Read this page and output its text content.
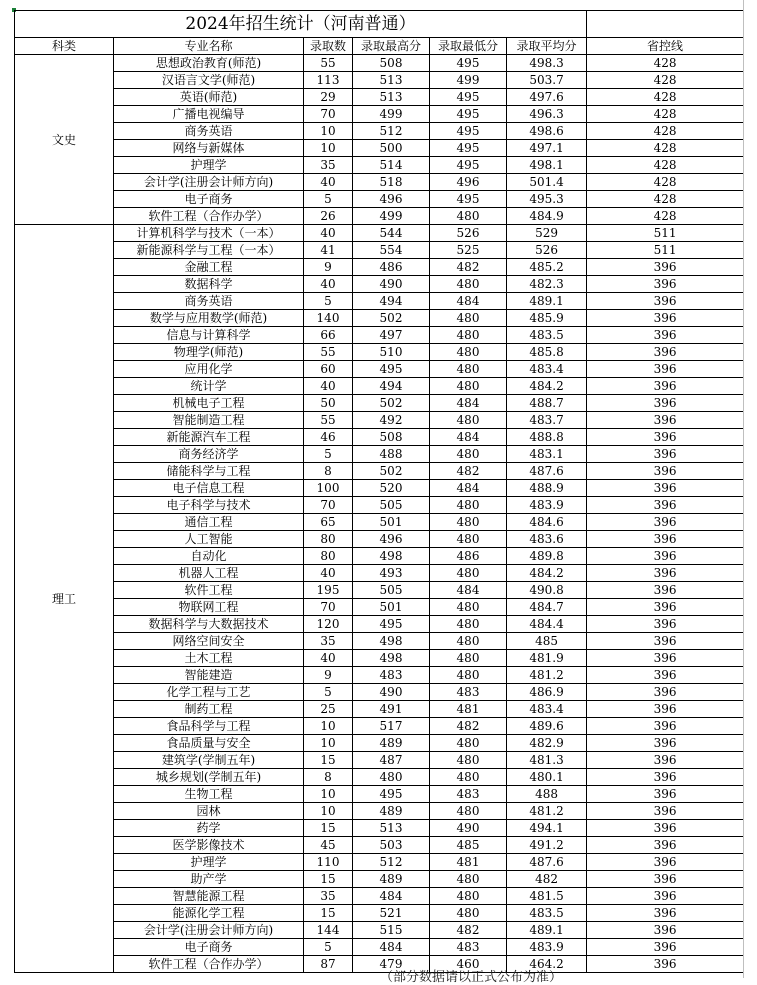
2024年招生统计（河南普通）						
科类	专业名称	录取数	录取最高分	录取最低分	录取平均分	省控线
文史	思想政治教育(师范)	55	508	495	498.3	428
	汉语言文学(师范)	113	513	499	503.7	428
	英语(师范)	29	513	495	497.6	428
	广播电视编导	70	499	495	496.3	428
	商务英语	10	512	495	498.6	428
	网络与新媒体	10	500	495	497.1	428
	护理学	35	514	495	498.1	428
	会计学(注册会计师方向)	40	518	496	501.4	428
	电子商务	5	496	495	495.3	428
	软件工程（合作办学）	26	499	480	484.9	428
理工	计算机科学与技术（一本）	40	544	526	529	511
	新能源科学与工程（一本）	41	554	525	526	511
	金融工程	9	486	482	485.2	396
	数据科学	40	490	480	482.3	396
	商务英语	5	494	484	489.1	396
	数学与应用数学(师范)	140	502	480	485.9	396
	信息与计算科学	66	497	480	483.5	396
	物理学(师范)	55	510	480	485.8	396
	应用化学	60	495	480	483.4	396
	统计学	40	494	480	484.2	396
	机械电子工程	50	502	484	488.7	396
	智能制造工程	55	492	480	483.7	396
	新能源汽车工程	46	508	484	488.8	396
	商务经济学	5	488	480	483.1	396
	储能科学与工程	8	502	482	487.6	396
	电子信息工程	100	520	484	488.9	396
	电子科学与技术	70	505	480	483.9	396
	通信工程	65	501	480	484.6	396
	人工智能	80	496	480	483.6	396
	自动化	80	498	486	489.8	396
	机器人工程	40	493	480	484.2	396
	软件工程	195	505	484	490.8	396
	物联网工程	70	501	480	484.7	396
	数据科学与大数据技术	120	495	480	484.4	396
	网络空间安全	35	498	480	485	396
	土木工程	40	498	480	481.9	396
	智能建造	9	483	480	481.2	396
	化学工程与工艺	5	490	483	486.9	396
	制药工程	25	491	481	483.4	396
	食品科学与工程	10	517	482	489.6	396
	食品质量与安全	10	489	480	482.9	396
	建筑学(学制五年)	15	487	480	481.3	396
	城乡规划(学制五年)	8	480	480	480.1	396
	生物工程	10	495	483	488	396
	园林	10	489	480	481.2	396
	药学	15	513	490	494.1	396
	医学影像技术	45	503	485	491.2	396
	护理学	110	512	481	487.6	396
	助产学	15	489	480	482	396
	智慧能源工程	35	484	480	481.5	396
	能源化学工程	15	521	480	483.5	396
	会计学(注册会计师方向)	144	515	482	489.1	396
	电子商务	5	484	483	483.9	396
	软件工程（合作办学）	87	479	460	464.2	396
（部分数据请以正式公布为准）
